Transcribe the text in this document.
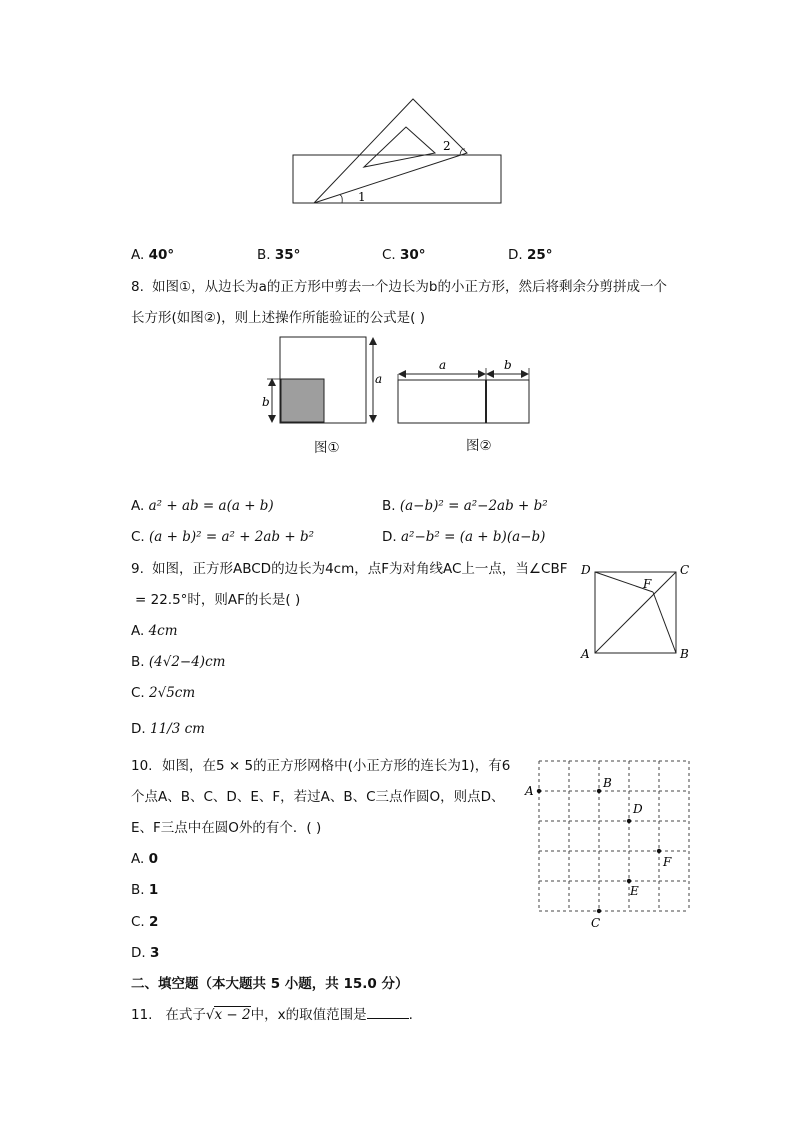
1
2
A. 40°	B. 35°	C. 30°	D. 25°
8. 如图①，从边长为a的正方形中剪去一个边长为b的小正方形，然后将剩余分剪拼成一个
长方形(如图②)，则上述操作所能验证的公式是( )
a
b
图①
a	b
图②
A. a² + ab = a(a + b)	B. (a−b)² = a²−2ab + b²
C. (a + b)² = a² + 2ab + b²	D. a²−b² = (a + b)(a−b)
9. 如图，正方形ABCD的边长为4cm，点F为对角线AC上一点，当∠CBF
= 22.5°时，则AF的长是( )
D	C
F
A	B
A. 4cm
B. (4√2−4)cm
C. 2√5cm
D. 11/3 cm
10. 如图，在5 × 5的正方形网格中(小正方形的连长为1)，有6
个点A、B、C、D、E、F，若过A、B、C三点作圆O，则点D、
E、F三点中在圆O外的有个．( )
A
B
D
F
E
C
A. 0
B. 1
C. 2
D. 3
二、填空题（本大题共 5 小题，共 15.0 分）
11. 在式子√x − 2中，x的取值范围是	.
